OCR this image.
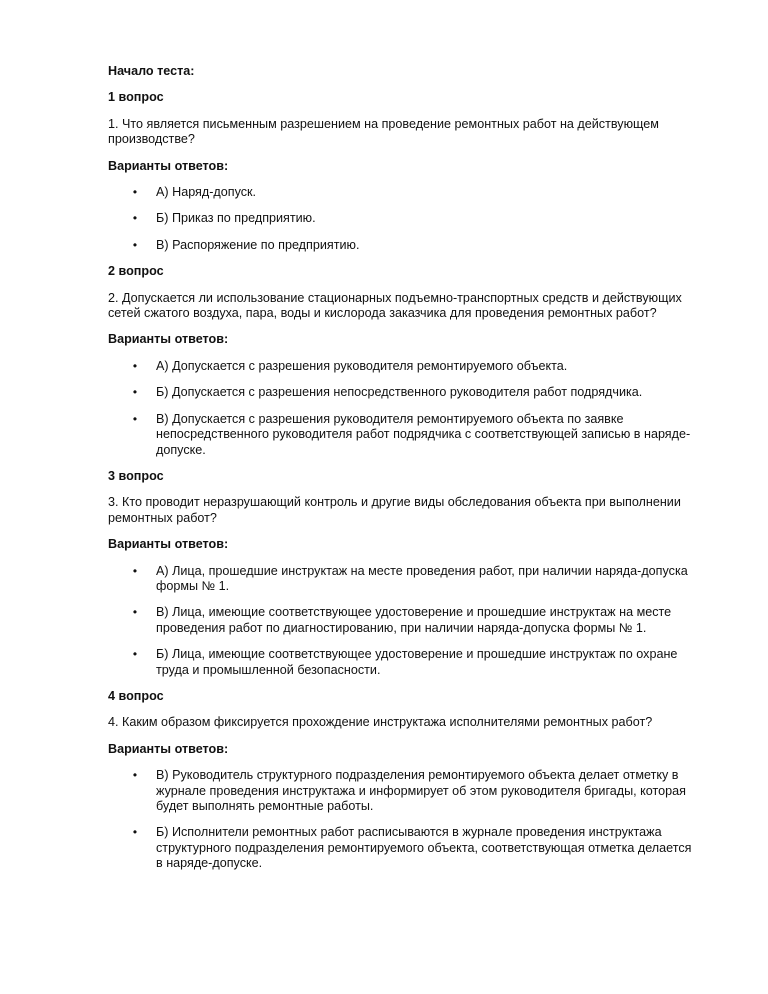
Начало теста:

1 вопрос

1. Что является письменным разрешением на проведение ремонтных работ на действующем производстве?

Варианты ответов:

• А) Наряд-допуск.
• Б) Приказ по предприятию.
• В) Распоряжение по предприятию.

2 вопрос

2. Допускается ли использование стационарных подъемно-транспортных средств и действующих сетей сжатого воздуха, пара, воды и кислорода заказчика для проведения ремонтных работ?

Варианты ответов:

• А) Допускается с разрешения руководителя ремонтируемого объекта.
• Б) Допускается с разрешения непосредственного руководителя работ подрядчика.
• В) Допускается с разрешения руководителя ремонтируемого объекта по заявке непосредственного руководителя работ подрядчика с соответствующей записью в наряде-допуске.

3 вопрос

3. Кто проводит неразрушающий контроль и другие виды обследования объекта при выполнении ремонтных работ?

Варианты ответов:

• А) Лица, прошедшие инструктаж на месте проведения работ, при наличии наряда-допуска формы № 1.
• В) Лица, имеющие соответствующее удостоверение и прошедшие инструктаж на месте проведения работ по диагностированию, при наличии наряда-допуска формы № 1.
• Б) Лица, имеющие соответствующее удостоверение и прошедшие инструктаж по охране труда и промышленной безопасности.

4 вопрос

4. Каким образом фиксируется прохождение инструктажа исполнителями ремонтных работ?

Варианты ответов:

• В) Руководитель структурного подразделения ремонтируемого объекта делает отметку в журнале проведения инструктажа и информирует об этом руководителя бригады, которая будет выполнять ремонтные работы.
• Б) Исполнители ремонтных работ расписываются в журнале проведения инструктажа структурного подразделения ремонтируемого объекта, соответствующая отметка делается в наряде-допуске.
